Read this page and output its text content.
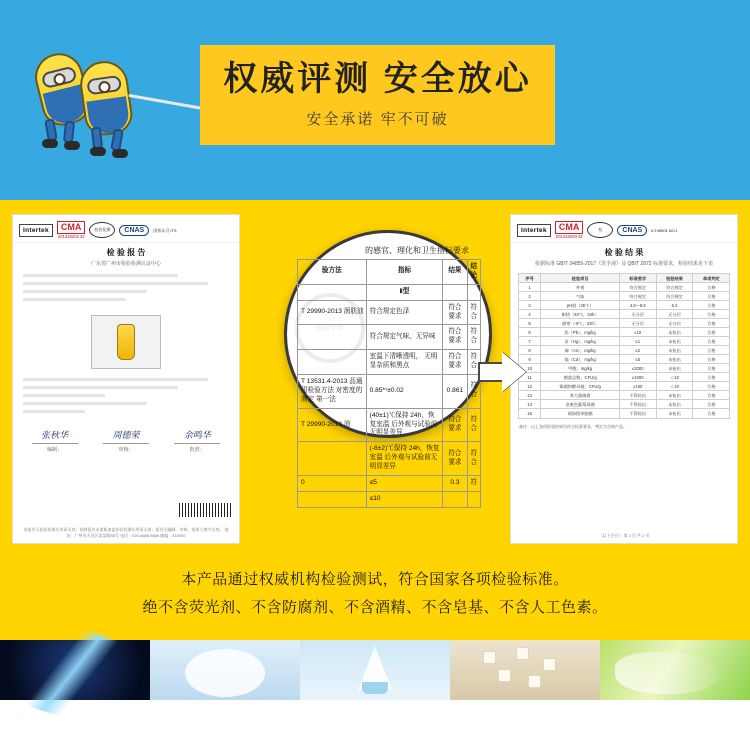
权威评测 安全放心
安全承诺 牢不可破
Intertek	CMA
201319203 32
检验检测	CNAS	国家认可 ITS
检 验 报 告
广东省广州市检验检测认证中心
张秋华
编制：
周德荣
审核：
余鸣华
批准：
本报告无检验检测专用章无效；复制报告未重新加盖检验检测专用章无效；报告无编制、审核、批准人签字无效。 地址：广州市天河区某某路88号 电话：020-8888 8888 邮编：510000
Intertek	CMA
201319203 32
检	CNAS	ILT49001 6/C1
检 验 结 果
依据标准 GB/T 34855-2017《洗手液》及 QB/T 2872 标准要求，检验结果见下表
序号	检验项目	标准要求	检验结果	单项判定
1	外观	符合规定	符合规定	合格
2	气味	符合规定	符合规定	合格
3	pH值（25℃）	4.0～8.5	6.2	合格
4	耐热（40℃，24h）	无分层	无分层	合格
5	耐寒（-8℃，24h）	无分层	无分层	合格
6	铅（Pb），mg/kg	≤10	未检出	合格
7	汞（Hg），mg/kg	≤1	未检出	合格
8	砷（As），mg/kg	≤2	未检出	合格
9	镉（Cd），mg/kg	≤5	未检出	合格
10	甲醇，mg/kg	≤2000	未检出	合格
11	菌落总数，CFU/g	≤1000	＜10	合格
12	霉菌和酵母菌，CFU/g	≤100	＜10	合格
13	粪大肠菌群	不得检出	未检出	合格
14	金黄色葡萄球菌	不得检出	未检出	合格
15	铜绿假单胞菌	不得检出	未检出	合格
备注：以上各项检验结果均符合标准要求，判定为合格产品。
（以下空白） 第 2 页 共 2 页
的感官、理化和卫生指标要求
验方法	指标	结果	结论
	Ⅱ型		
T 29990-2013 润肤油	符合规定色泽	符合要求	符合
	符合规定气味，无异味	符合要求	符合
	室温下清晰透明， 无明显杂质和黑点	符合要求	符合
T 13531.4-2013 品通用检验方法 对密度的测定 第一法	0.85*¹±0.02	0.861	符合
T 29990-2013 油	(40±1)℃保持 24h，恢复室温 后外观与试验前无明显差异	符合要求	符合
	(-8±2)℃保持 24h，恢复室温 后外观与试验前无明显差异	符合要求	符合
0	≤5	0.3	符
	≤10		
检验专用
本产品通过权威机构检验测试，符合国家各项检验标准。
绝不含荧光剂、不含防腐剂、不含酒精、不含皂基、不含人工色素。
